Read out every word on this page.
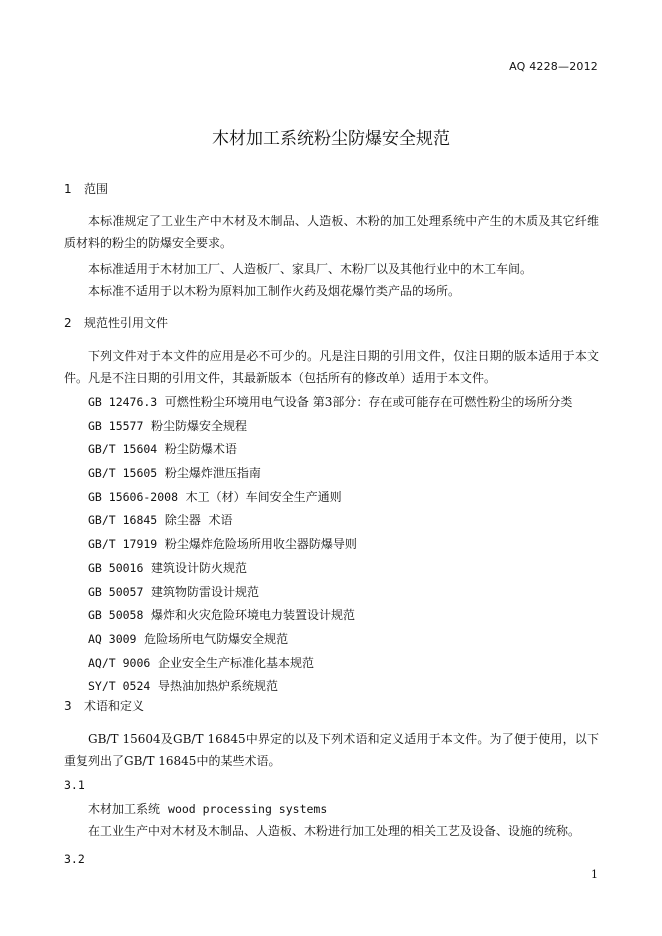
AQ 4228—2012
木材加工系统粉尘防爆安全规范
1 范围
本标准规定了工业生产中木材及木制品、人造板、木粉的加工处理系统中产生的木质及其它纤维质材料的粉尘的防爆安全要求。
本标准适用于木材加工厂、人造板厂、家具厂、木粉厂以及其他行业中的木工车间。
本标准不适用于以木粉为原料加工制作火药及烟花爆竹类产品的场所。
2 规范性引用文件
下列文件对于本文件的应用是必不可少的。凡是注日期的引用文件，仅注日期的版本适用于本文件。凡是不注日期的引用文件，其最新版本（包括所有的修改单）适用于本文件。
GB 12476.3 可燃性粉尘环境用电气设备 第3部分：存在或可能存在可燃性粉尘的场所分类
GB 15577 粉尘防爆安全规程
GB/T 15604 粉尘防爆术语
GB/T 15605 粉尘爆炸泄压指南
GB 15606-2008 木工（材）车间安全生产通则
GB/T 16845 除尘器  术语
GB/T 17919 粉尘爆炸危险场所用收尘器防爆导则
GB 50016 建筑设计防火规范
GB 50057 建筑物防雷设计规范
GB 50058 爆炸和火灾危险环境电力装置设计规范
AQ 3009 危险场所电气防爆安全规范
AQ/T 9006 企业安全生产标准化基本规范
SY/T 0524 导热油加热炉系统规范
3 术语和定义
GB/T 15604及GB/T 16845中界定的以及下列术语和定义适用于本文件。为了便于使用，以下重复列出了GB/T 16845中的某些术语。
3.1
木材加工系统 wood processing systems
在工业生产中对木材及木制品、人造板、木粉进行加工处理的相关工艺及设备、设施的统称。
3.2
1
